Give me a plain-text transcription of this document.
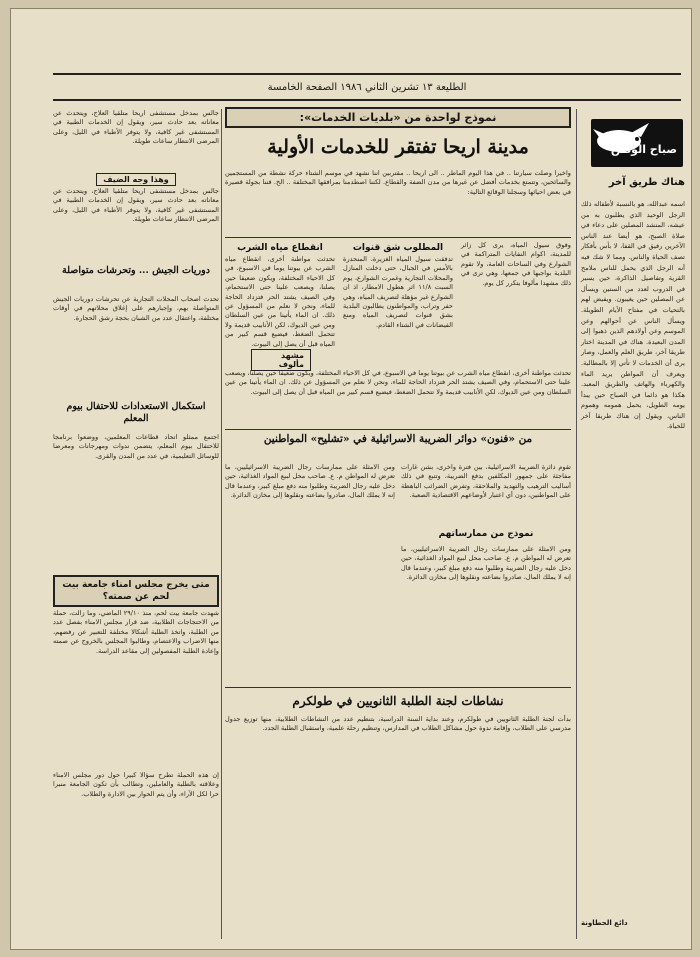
الطليعة ١٣ تشرين الثاني ١٩٨٦ الصفحة الخامسة
صباح الوطن
هناك طريق آخر
اسمه عبدالله، هو بالنسبة لأطفاله ذلك الرجل الوحيد الذي يطلبون به من عيشه، المنشد المصلين على دعاء في صلاة الصبح، هو أيضا عند الناس الآخرين رفيق في القفا، لا بأس بأفكار تصف الحياة والناس. ومما لا شك فيه أنه الرجل الذي يحمل للناس ملامح القرية وتفاصيل الذاكرة، حين يسير في الدروب لعدد من السنين ويسأل عن المصلين حين يغيبون. ويفيض لهم بالتحيات في مفتاح الأيام الطويلة. ويسأل الناس عن أحوالهم وعن الموسم وعن أولادهم الذين ذهبوا إلى المدن البعيدة. هناك في المدينة اختار طريقا آخر، طريق العلم والعمل، وصار يرى أن الخدمات لا تأتي إلا بالمطالبة. ويعرف أن المواطن يريد الماء والكهرباء والهاتف والطريق المعبد. هكذا هو دائما في الصباح حين يبدأ يومه الطويل، يحمل همومه وهموم الناس، ويقول إن هناك طريقا آخر للحياة.
دائع الحطاونة
نموذج لواحدة من «بلديات الخدمات»:
مدينة اريحا تفتقر للخدمات الأولية
واخيرا وصلت سيارتنا .. في هذا اليوم الماطر .. الى اريحا .. مقتربين اننا نشهد في موسم الشتاء حركة نشطة من المستجمين والسائحين، وتتمتع بخدمات أفضل عن غيرها من مدن الضفة والقطاع. لكننا اصطدمنا بمرافقها المختلفة .. الخ. فننا بجولة قصيرة في بعض احيائها وسجلنا الوقائع التالية:
انقطاع مياه الشرب
تحدثت مواطنة أخرى، انقطاع مياه الشرب عن بيوتنا يوما في الاسبوع، في كل الاحياء المختلفة، ويكون ضعيفا حين يصلنا، ويصعب علينا حتى الاستحمام، وفي الصيف يشتد الحر فتزداد الحاجة للماء، ونحن لا نعلم من المسؤول عن ذلك. ان الماء يأتينا من عين السلطان ومن عين الديوك، لكن الأنابيب قديمة ولا تتحمل الضغط، فيضيع قسم كبير من المياه قبل أن يصل إلى البيوت.
المطلوب شق قنوات
تدفقت سيول المياه الغزيرة، المنحدرة بالأمس في الجبال، حتى دخلت المنازل والمحلات التجارية وغمرت الشوارع، يوم السبت ١١/٨ اثر هطول الامطار، اذ ان الشوارع غير مؤهلة لتصريف المياه، وهي حفر وتراب، والمواطنون يطالبون البلدية بشق قنوات لتصريف المياه ومنع الفيضانات في الشتاء القادم.
وفوق سيول المياه، يرى كل زائر للمدينة، اكوام النفايات المتراكمة في الشوارع وفي الساحات العامة، ولا تقوم البلدية بواجبها في جمعها، وهي ترى في ذلك مشهدا مألوفا يتكرر كل يوم.
مشهد مألوف
تحدثت مواطنة أخرى، انقطاع مياه الشرب عن بيوتنا يوما في الاسبوع، في كل الاحياء المختلفة، ويكون ضعيفا حين يصلنا، ويصعب علينا حتى الاستحمام، وفي الصيف يشتد الحر فتزداد الحاجة للماء، ونحن لا نعلم من المسؤول عن ذلك. ان الماء يأتينا من عين السلطان ومن عين الديوك، لكن الأنابيب قديمة ولا تتحمل الضغط، فيضيع قسم كبير من المياه قبل أن يصل إلى البيوت.
من «فنون» دوائر الضريبة الاسرائيلية في «تشليح» المواطنين
تقوم دائرة الضريبة الاسرائيلية، بين فترة واخرى، بشن غارات مفاجئة على جمهور المكلفين بدفع الضريبة، وتتبع في ذلك أساليب الترهيب والتهديد والملاحقة، وتفرض الضرائب الباهظة على المواطنين، دون أي اعتبار لأوضاعهم الاقتصادية الصعبة.
ومن الامثلة على ممارسات رجال الضريبة الاسرائيليين، ما تعرض له المواطن م. ع. صاحب محل لبيع المواد الغذائية، حين دخل عليه رجال الضريبة وطلبوا منه دفع مبلغ كبير، وعندما قال إنه لا يملك المال، صادروا بضاعته ونقلوها إلى مخازن الدائرة.
نموذج من ممارساتهم
ومن الامثلة على ممارسات رجال الضريبة الاسرائيليين، ما تعرض له المواطن م. ع. صاحب محل لبيع المواد الغذائية، حين دخل عليه رجال الضريبة وطلبوا منه دفع مبلغ كبير، وعندما قال إنه لا يملك المال، صادروا بضاعته ونقلوها إلى مخازن الدائرة.
نشاطات لجنة الطلبة الثانويين في طولكرم
بدأت لجنة الطلبة الثانويين في طولكرم، وعند بداية السنة الدراسية، بتنظيم عدد من النشاطات الطلابية، منها توزيع جدول مدرسي على الطلاب، وإقامة ندوة حول مشاكل الطلاب في المدارس، وتنظيم رحلة علمية، واستقبال الطلبة الجدد.
متى يخرج مجلس امناء جامعة بيت لحم عن صمته؟
شهدت جامعة بيت لحم، منذ ٢٩/١٠ الماضي، وما زالت، حملة من الاحتجاجات الطلابية، ضد قرار مجلس الامناء بفصل عدد من الطلبة، واتخذ الطلبة أشكالا مختلفة للتعبير عن رفضهم، منها الاضراب والاعتصام، وطالبوا المجلس بالخروج عن صمته وإعادة الطلبة المفصولين إلى مقاعد الدراسة.
إن هذه الحملة تطرح سؤالا كبيرا حول دور مجلس الامناء وعلاقته بالطلبة والعاملين، وتطالب بأن تكون الجامعة منبرا حرا لكل الآراء، وأن يتم الحوار بين الادارة والطلاب.
جالس بمدخل مستشفى اريحا متلقيا العلاج، ويتحدث عن معاناته بعد حادث سير، ويقول إن الخدمات الطبية في المستشفى غير كافية، ولا يتوفر الأطباء في الليل، وعلى المرضى الانتظار ساعات طويلة.
وهذا وجه الضيف
جالس بمدخل مستشفى اريحا متلقيا العلاج، ويتحدث عن معاناته بعد حادث سير، ويقول إن الخدمات الطبية في المستشفى غير كافية، ولا يتوفر الأطباء في الليل، وعلى المرضى الانتظار ساعات طويلة.
دوريات الجيش ... وتحرشات متواصلة
تحدث اصحاب المحلات التجارية عن تحرشات دوريات الجيش المتواصلة بهم، وإجبارهم على إغلاق محلاتهم في أوقات مختلفة، واعتقال عدد من الشبان بحجة رشق الحجارة.
استكمال الاستعدادات للاحتفال بيوم المعلم
اجتمع ممثلو اتحاد قطاعات المعلمين، ووضعوا برنامجا للاحتفال بيوم المعلم، يتضمن ندوات ومهرجانات ومعرضا للوسائل التعليمية، في عدد من المدن والقرى.
